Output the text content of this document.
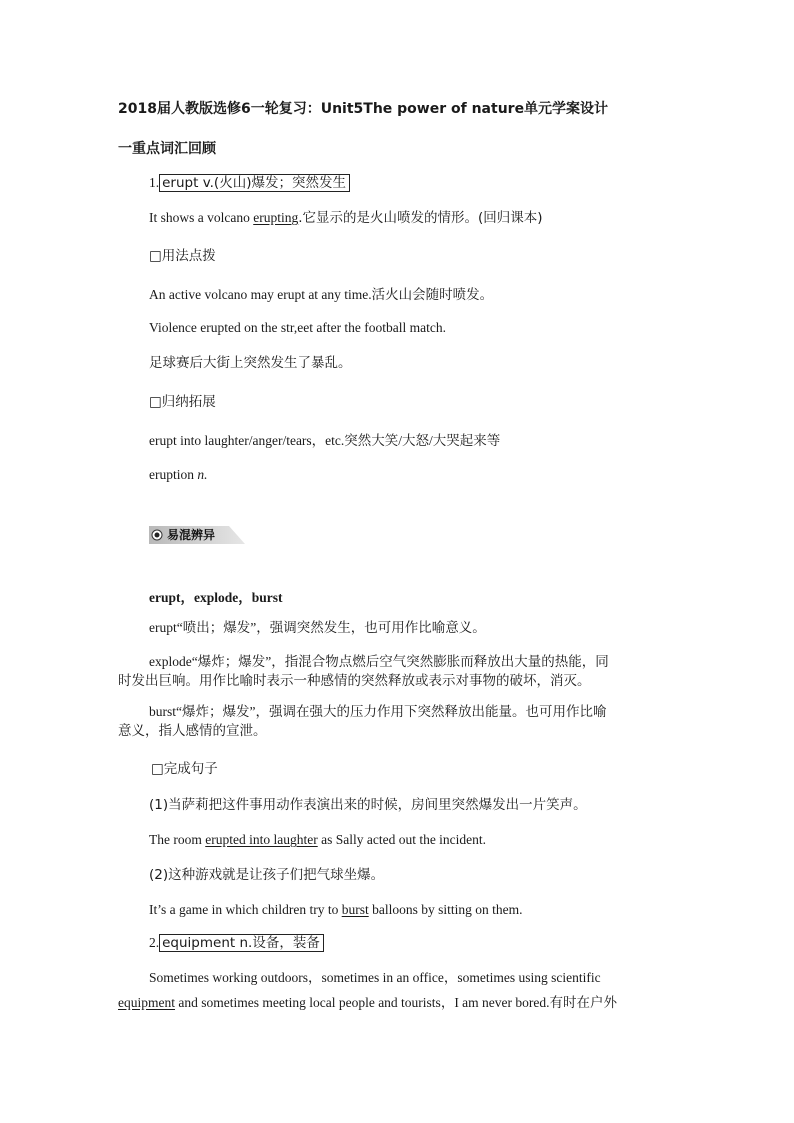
2018届人教版选修6一轮复习：Unit5The power of nature单元学案设计
一重点词汇回顾
1. erupt v.(火山)爆发；突然发生
It shows a volcano erupting.它显示的是火山喷发的情形。(回归课本)
□用法点拨
An active volcano may erupt at any time.活火山会随时喷发。
Violence erupted on the str,eet after the football match.
足球赛后大街上突然发生了暴乱。
□归纳拓展
erupt into laughter/anger/tears，etc.突然大笑/大怒/大哭起来等
eruption n.
易混辨异
erupt，explode，burst
erupt“喷出；爆发”，强调突然发生，也可用作比喻意义。
explode“爆炸；爆发”，指混合物点燃后空气突然膨胀而释放出大量的热能，同
时发出巨响。用作比喻时表示一种感情的突然释放或表示对事物的破坏，消灭。
burst“爆炸；爆发”，强调在强大的压力作用下突然释放出能量。也可用作比喻
意义，指人感情的宣泄。
□完成句子
(1)当萨莉把这件事用动作表演出来的时候，房间里突然爆发出一片笑声。
The room erupted into laughter as Sally acted out the incident.
(2)这种游戏就是让孩子们把气球坐爆。
It’s a game in which children try to burst balloons by sitting on them.
2. equipment n.设备，装备
Sometimes working outdoors，sometimes in an office，sometimes using scientific
equipment and sometimes meeting local people and tourists，I am never bored.有时在户外
